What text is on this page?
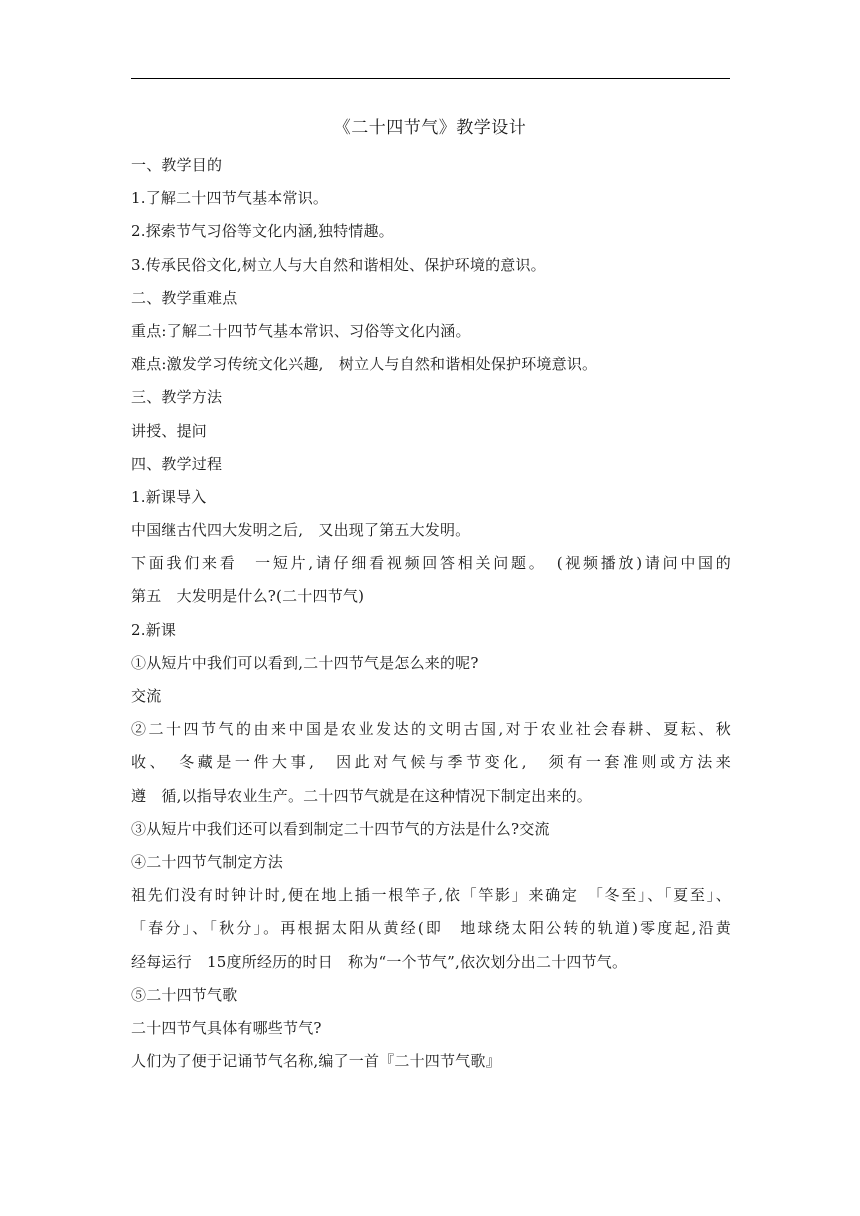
《二十四节气》教学设计

一、教学目的

1.了解二十四节气基本常识。

2.探索节气习俗等文化内涵,独特情趣。

3.传承民俗文化,树立人与大自然和谐相处、保护环境的意识。

二、教学重难点

重点:了解二十四节气基本常识、习俗等文化内涵。

难点:激发学习传统文化兴趣,　树立人与自然和谐相处保护环境意识。

三、教学方法

讲授、提问

四、教学过程

1.新课导入

中国继古代四大发明之后,　又出现了第五大发明。

下面我们来看　一短片,请仔细看视频回答相关问题。　(视频播放)请问中国的

第五　大发明是什么?(二十四节气)

2.新课

①从短片中我们可以看到,二十四节气是怎么来的呢?

交流

②二十四节气的由来中国是农业发达的文明古国,对于农业社会春耕、夏耘、秋

收、　冬藏是一件大事,　因此对气候与季节变化,　须有一套准则或方法来

遵　循,以指导农业生产。二十四节气就是在这种情况下制定出来的。

③从短片中我们还可以看到制定二十四节气的方法是什么?交流

④二十四节气制定方法

祖先们没有时钟计时,便在地上插一根竿子,依「竿影」来确定　「冬至」、「夏至」、

「春分」、「秋分」。再根据太阳从黄经(即　地球绕太阳公转的轨道)零度起,沿黄

经每运行　15度所经历的时日　称为“一个节气”,依次划分出二十四节气。

⑤二十四节气歌

二十四节气具体有哪些节气?

人们为了便于记诵节气名称,编了一首『二十四节气歌』
